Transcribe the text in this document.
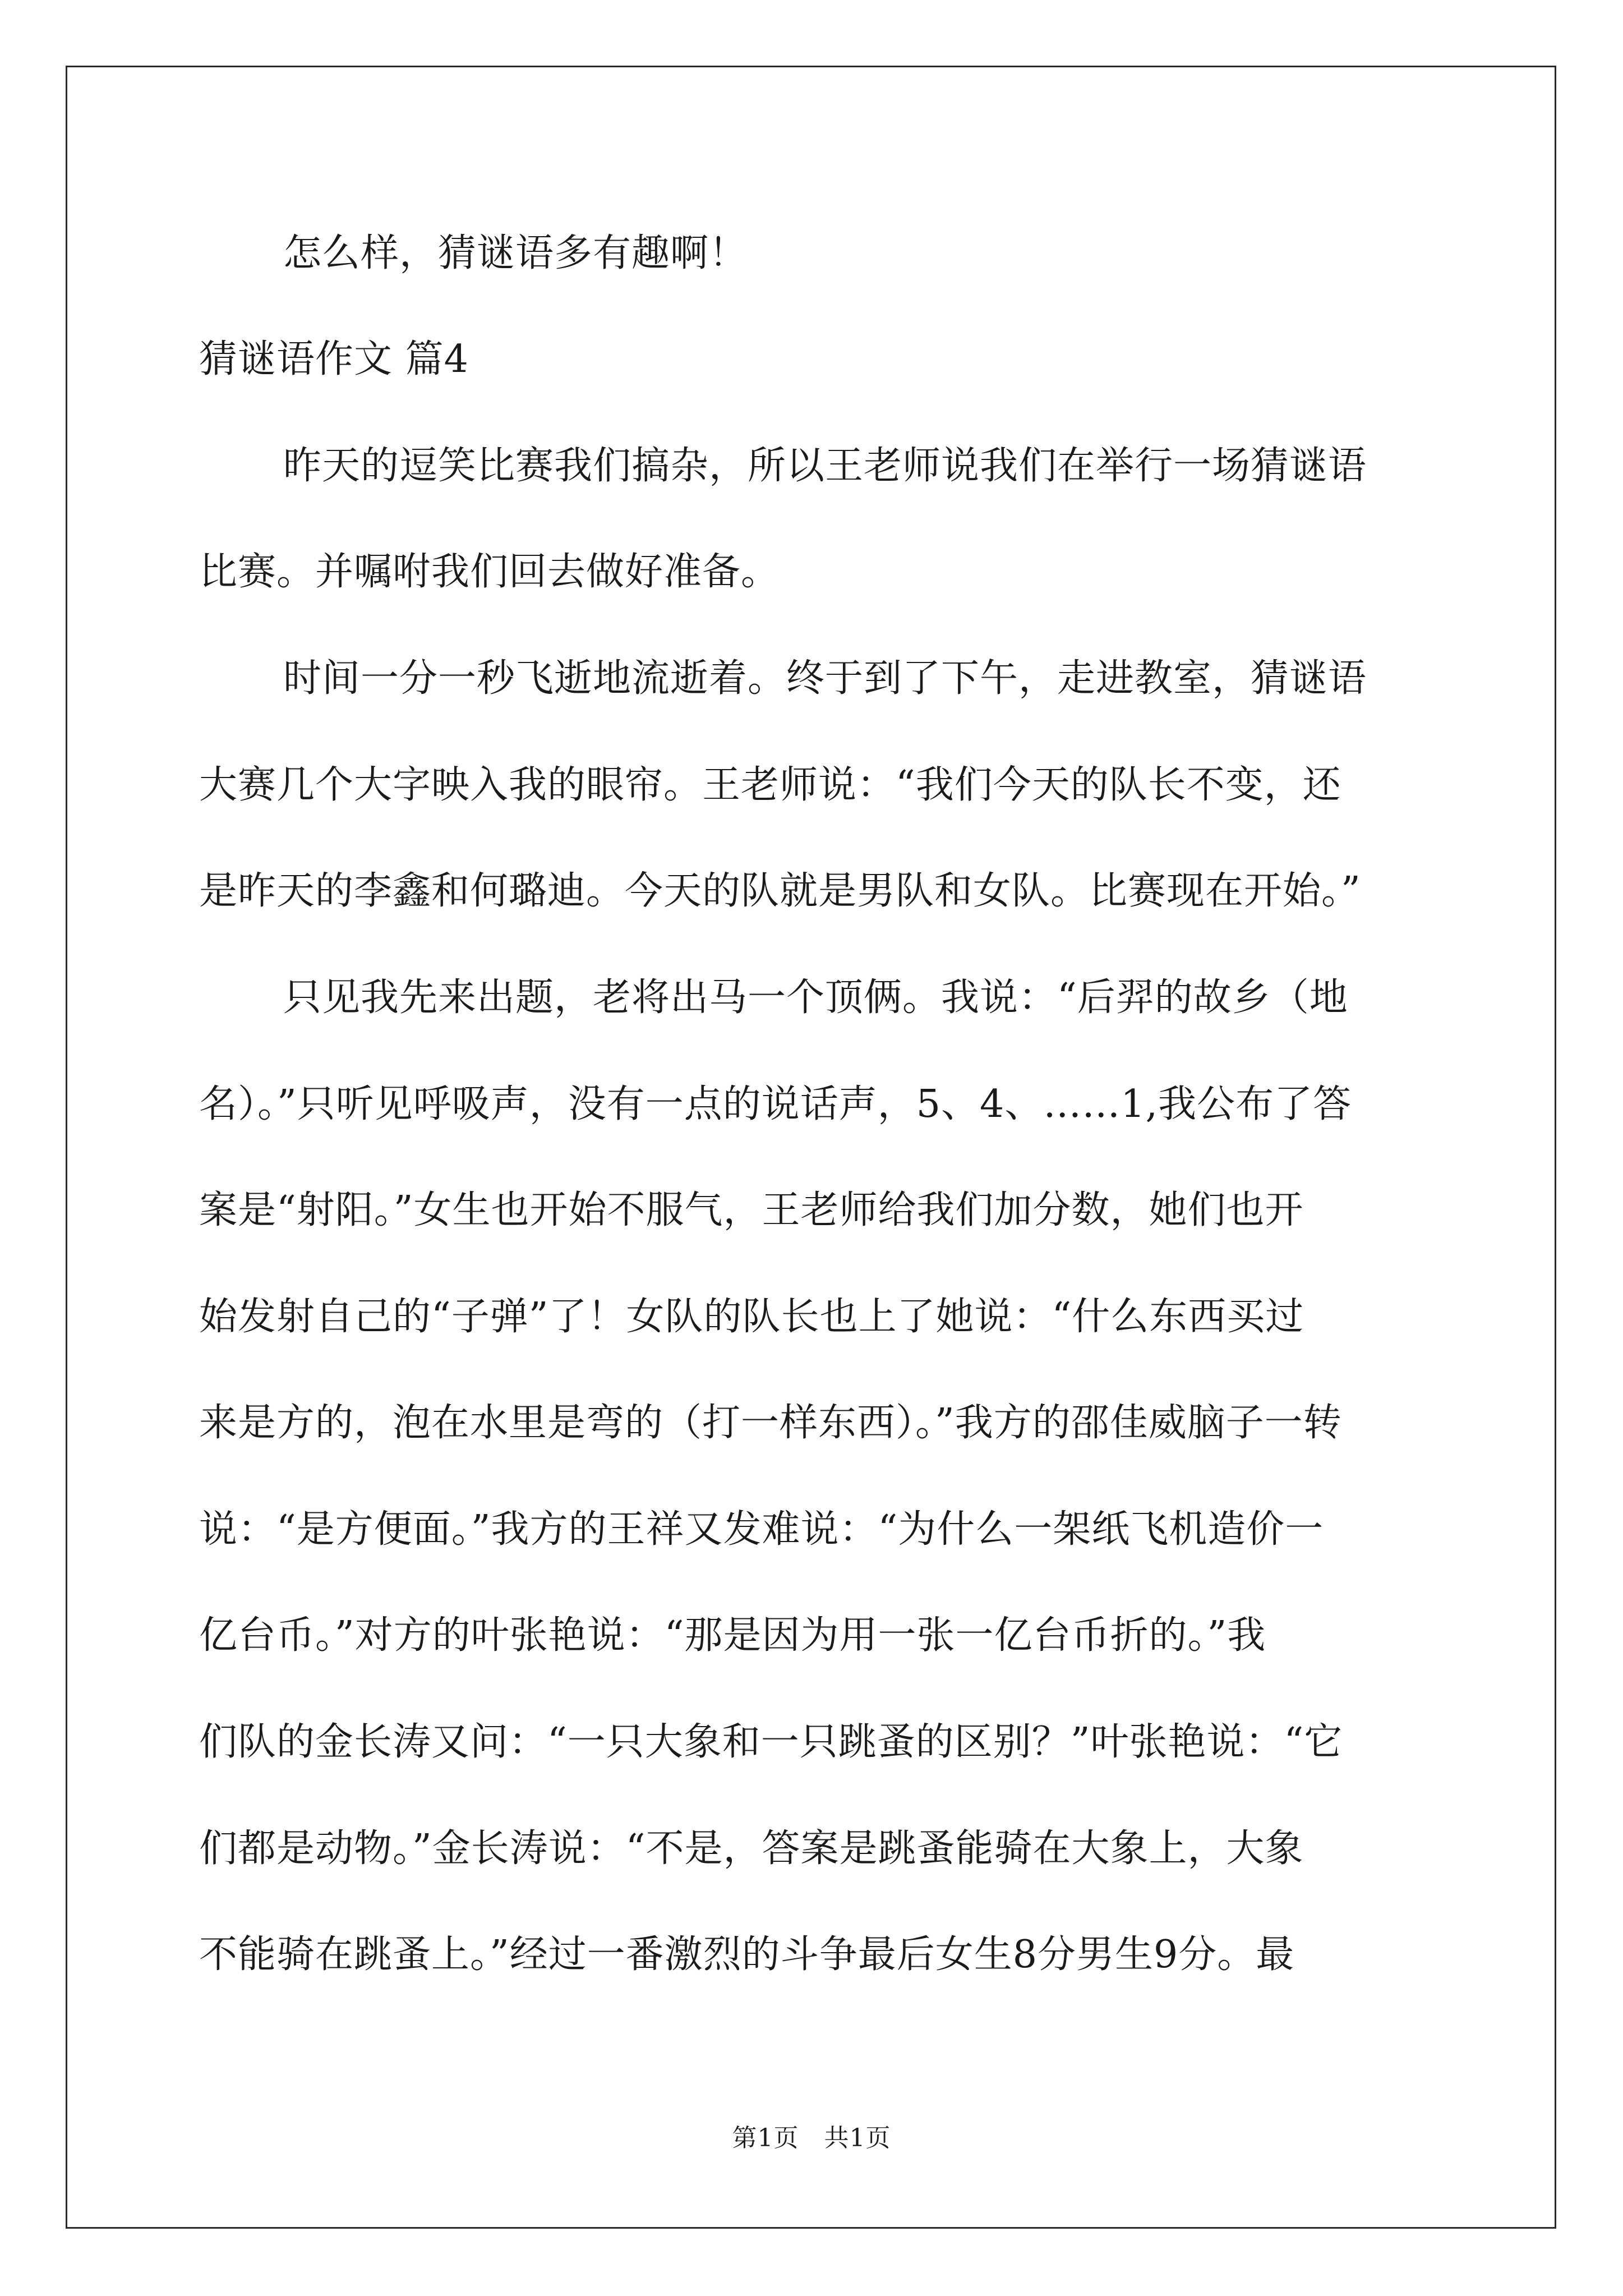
怎么样，猜谜语多有趣啊！
猜谜语作文 篇4
昨天的逗笑比赛我们搞杂，所以王老师说我们在举行一场猜谜语
比赛。并嘱咐我们回去做好准备。
时间一分一秒飞逝地流逝着。终于到了下午，走进教室，猜谜语
大赛几个大字映入我的眼帘。王老师说：“我们今天的队长不变，还
是昨天的李鑫和何璐迪。今天的队就是男队和女队。比赛现在开始。”
只见我先来出题，老将出马一个顶俩。我说：“后羿的故乡（地
名）。”只听见呼吸声，没有一点的说话声，5、4、……1,我公布了答
案是“射阳。”女生也开始不服气，王老师给我们加分数，她们也开
始发射自己的“子弹”了！女队的队长也上了她说：“什么东西买过
来是方的，泡在水里是弯的（打一样东西）。”我方的邵佳威脑子一转
说：“是方便面。”我方的王祥又发难说：“为什么一架纸飞机造价一
亿台币。”对方的叶张艳说：“那是因为用一张一亿台币折的。”我
们队的金长涛又问：“一只大象和一只跳蚤的区别？”叶张艳说：“它
们都是动物。”金长涛说：“不是，答案是跳蚤能骑在大象上，大象
不能骑在跳蚤上。”经过一番激烈的斗争最后女生8分男生9分。最
第1页　共1页
